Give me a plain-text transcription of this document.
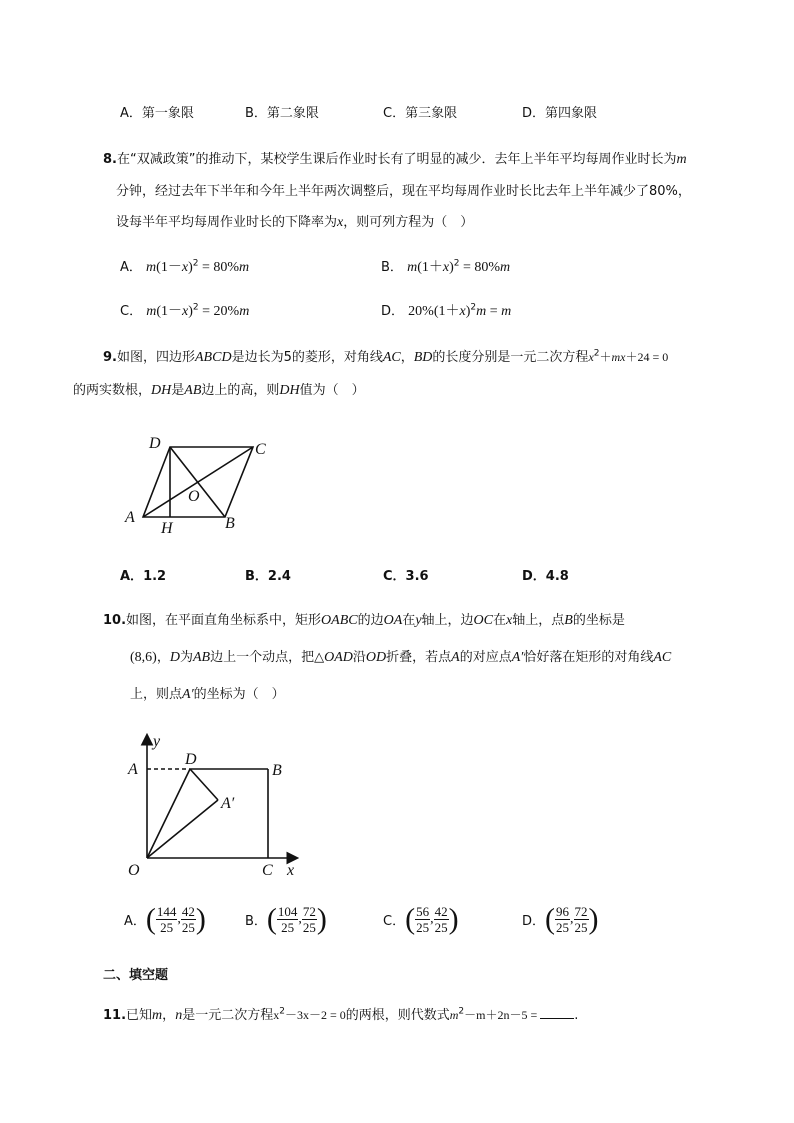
A．第一象限	B．第二象限	C．第三象限	D．第四象限
8.在“双减政策”的推动下，某校学生课后作业时长有了明显的减少．去年上半年平均每周作业时长为m
分钟，经过去年下半年和今年上半年两次调整后，现在平均每周作业时长比去年上半年减少了80%，
设每半年平均每周作业时长的下降率为x，则可列方程为（　）
A． $m(1-x)^2 = 80\%m$	B． $m(1+x)^2 = 80\%m$
C． $m(1-x)^2 = 20\%m$	D． $20\%(1+x)^2m = m$
9.如图，四边形ABCD是边长为5的菱形，对角线AC，BD的长度分别是一元二次方程$x^2+mx+24 = 0$
的两实数根，DH是AB边上的高，则DH值为（　）
A	B
C
D
H
O
A．1.2	B．2.4	C．3.6	D．4.8
10.如图，在平面直角坐标系中，矩形OABC的边OA在y轴上，边OC在x轴上，点B的坐标是
(8,6)，D为AB边上一个动点，把△OAD沿OD折叠，若点A的对应点A′恰好落在矩形的对角线AC
上，则点A′的坐标为（　）
y
x
A	B
C
D
O
A′
A．( $\frac{144}{25}$ , $\frac{42}{25}$ )	B．( $\frac{104}{25}$ , $\frac{72}{25}$ )	C．( $\frac{56}{25}$ , $\frac{42}{25}$ )	D．( $\frac{96}{25}$ , $\frac{72}{25}$ )
二、填空题
11.已知m，n是一元二次方程$x^2-3x-2 = 0$的两根，则代数式$m^2-m+2n-5$ =	.
